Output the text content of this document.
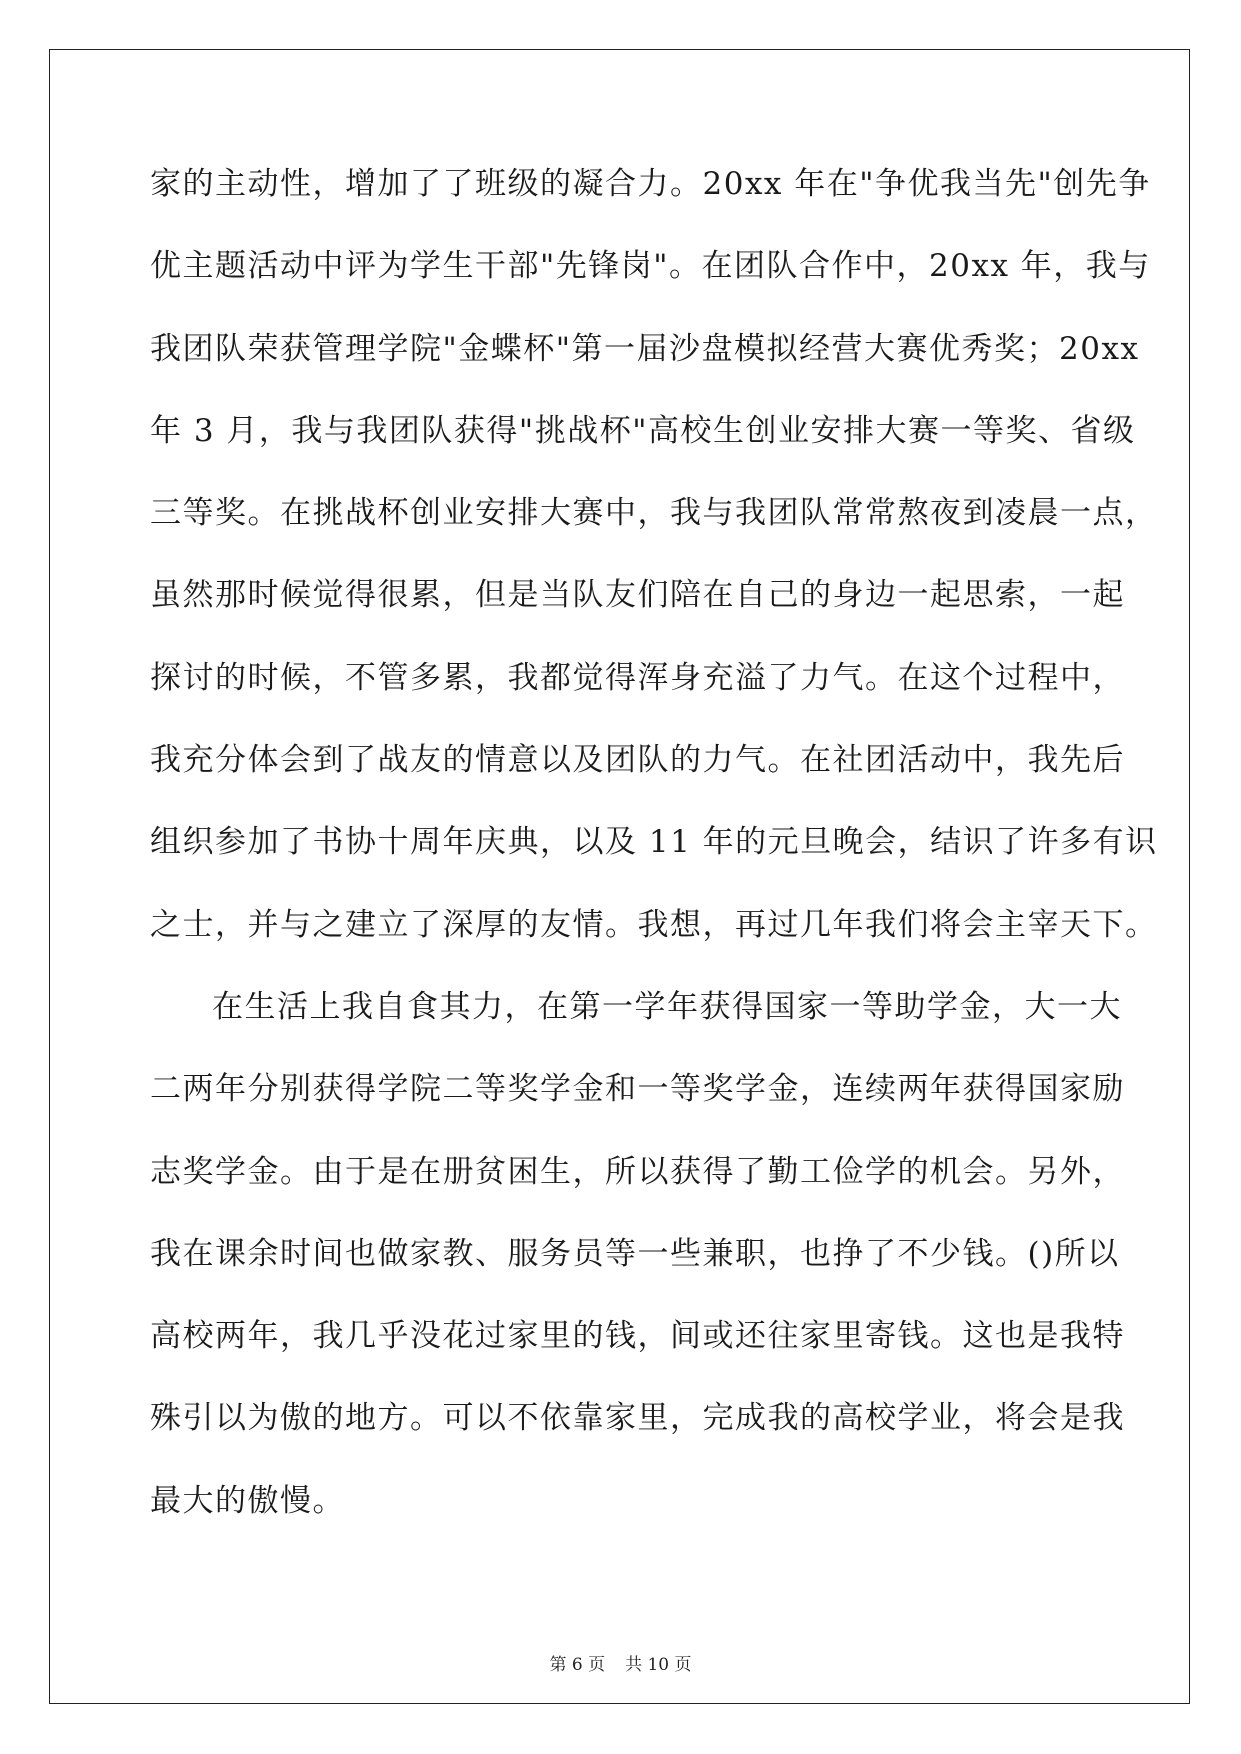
家的主动性，增加了了班级的凝合力。20xx 年在"争优我当先"创先争
优主题活动中评为学生干部"先锋岗"。在团队合作中，20xx 年，我与
我团队荣获管理学院"金蝶杯"第一届沙盘模拟经营大赛优秀奖；20xx
年 3 月，我与我团队获得"挑战杯"高校生创业安排大赛一等奖、省级
三等奖。在挑战杯创业安排大赛中，我与我团队常常熬夜到凌晨一点，
虽然那时候觉得很累，但是当队友们陪在自己的身边一起思索，一起
探讨的时候，不管多累，我都觉得浑身充溢了力气。在这个过程中，
我充分体会到了战友的情意以及团队的力气。在社团活动中，我先后
组织参加了书协十周年庆典，以及 11 年的元旦晚会，结识了许多有识
之士，并与之建立了深厚的友情。我想，再过几年我们将会主宰天下。
在生活上我自食其力，在第一学年获得国家一等助学金，大一大
二两年分别获得学院二等奖学金和一等奖学金，连续两年获得国家励
志奖学金。由于是在册贫困生，所以获得了勤工俭学的机会。另外，
我在课余时间也做家教、服务员等一些兼职，也挣了不少钱。()所以
高校两年，我几乎没花过家里的钱，间或还往家里寄钱。这也是我特
殊引以为傲的地方。可以不依靠家里，完成我的高校学业，将会是我
最大的傲慢。
第 6 页 共 10 页
